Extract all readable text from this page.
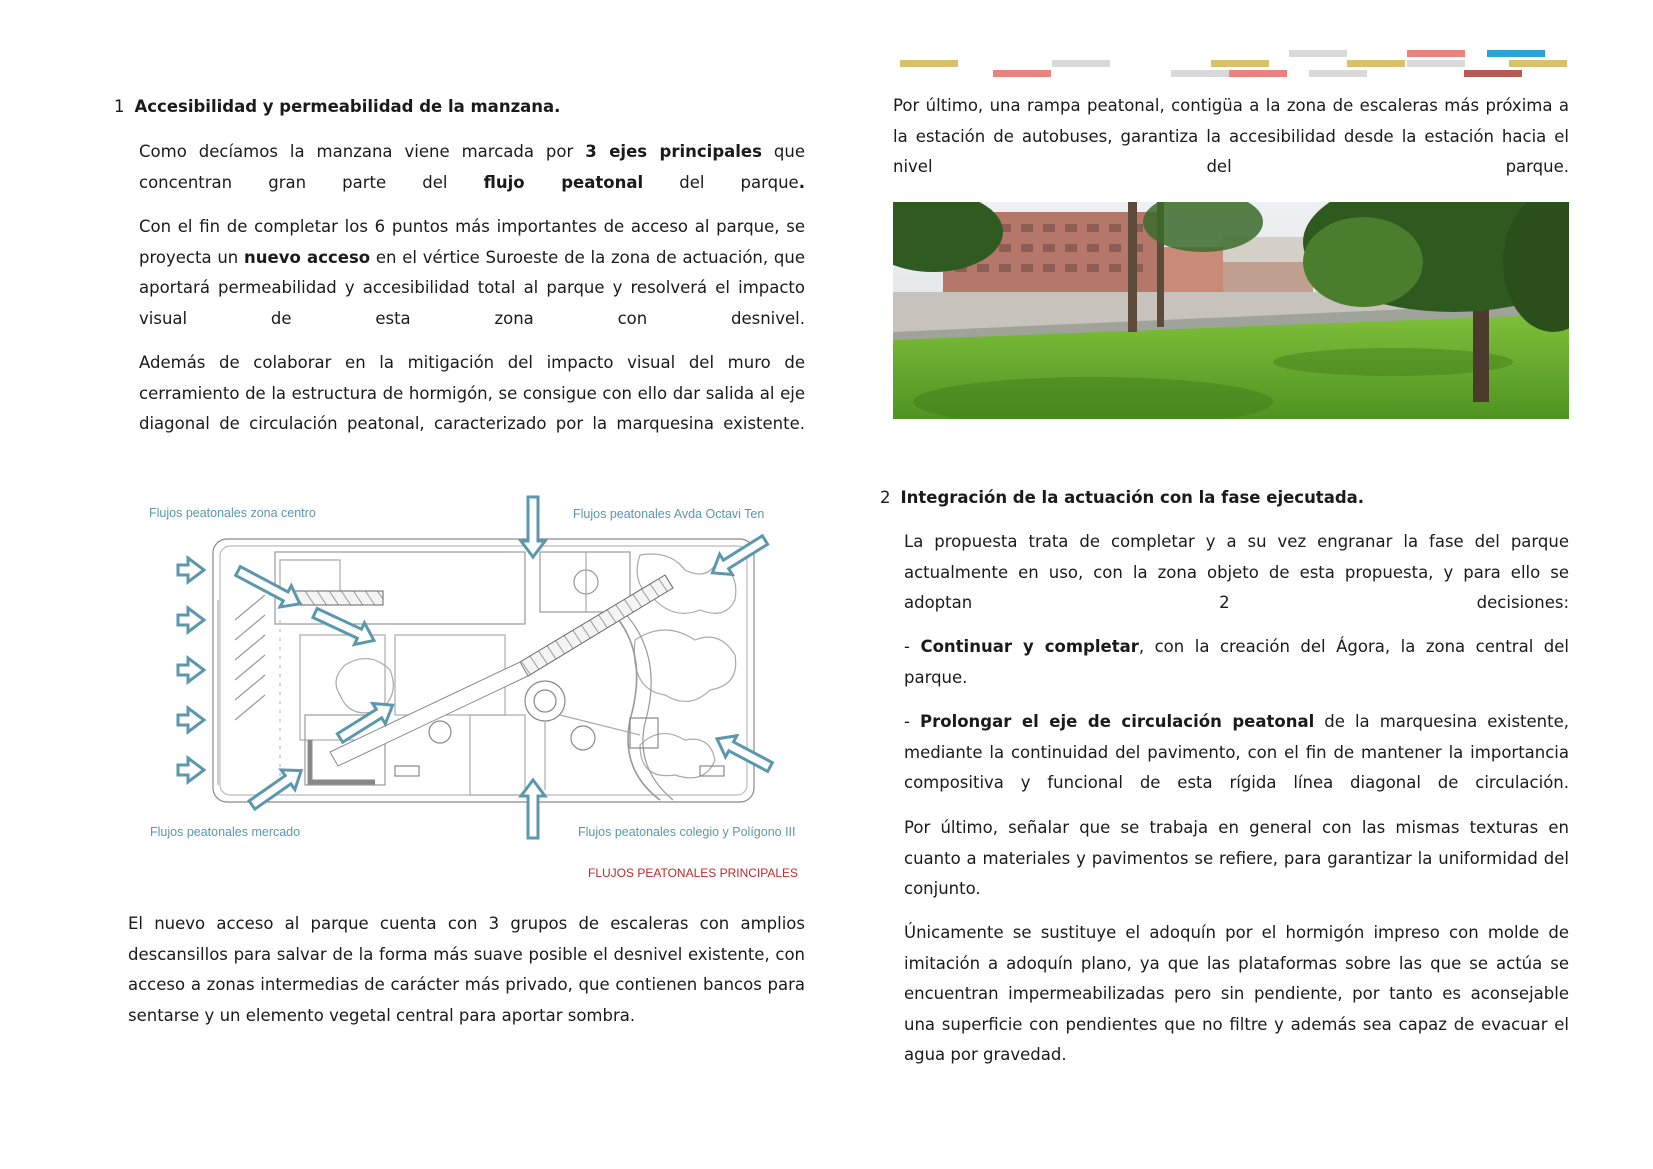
1 Accesibilidad y permeabilidad de la manzana.

Como decíamos la manzana viene marcada por 3 ejes principales que concentran gran parte del flujo peatonal del parque.

Con el fin de completar los 6 puntos más importantes de acceso al parque, se proyecta un nuevo acceso en el vértice Suroeste de la zona de actuación, que aportará permeabilidad y accesibilidad total al parque y resolverá el impacto visual de esta zona con desnivel.

Además de colaborar en la mitigación del impacto visual del muro de cerramiento de la estructura de hormigón, se consigue con ello dar salida al eje diagonal de circulación peatonal, caracterizado por la marquesina existente.

Flujos peatonales zona centro	Flujos peatonales Avda Octavi Ten
Flujos peatonales mercado	Flujos peatonales colegio y Polígono III
FLUJOS PEATONALES PRINCIPALES

El nuevo acceso al parque cuenta con 3 grupos de escaleras con amplios descansillos para salvar de la forma más suave posible el desnivel existente, con acceso a zonas intermedias de carácter más privado, que contienen bancos para sentarse y un elemento vegetal central para aportar sombra.

Por último, una rampa peatonal, contigüa a la zona de escaleras más próxima a la estación de autobuses, garantiza la accesibilidad desde la estación hacia el nivel del parque.

2 Integración de la actuación con la fase ejecutada.

La propuesta trata de completar y a su vez engranar la fase del parque actualmente en uso, con la zona objeto de esta propuesta, y para ello se adoptan 2 decisiones:

- Continuar y completar, con la creación del Ágora, la zona central del parque.

- Prolongar el eje de circulación peatonal de la marquesina existente, mediante la continuidad del pavimento, con el fin de mantener la importancia compositiva y funcional de esta rígida línea diagonal de circulación.

Por último, señalar que se trabaja en general con las mismas texturas en cuanto a materiales y pavimentos se refiere, para garantizar la uniformidad del conjunto.

Únicamente se sustituye el adoquín por el hormigón impreso con molde de imitación a adoquín plano, ya que las plataformas sobre las que se actúa se encuentran impermeabilizadas pero sin pendiente, por tanto es aconsejable una superficie con pendientes que no filtre y además sea capaz de evacuar el agua por gravedad.
